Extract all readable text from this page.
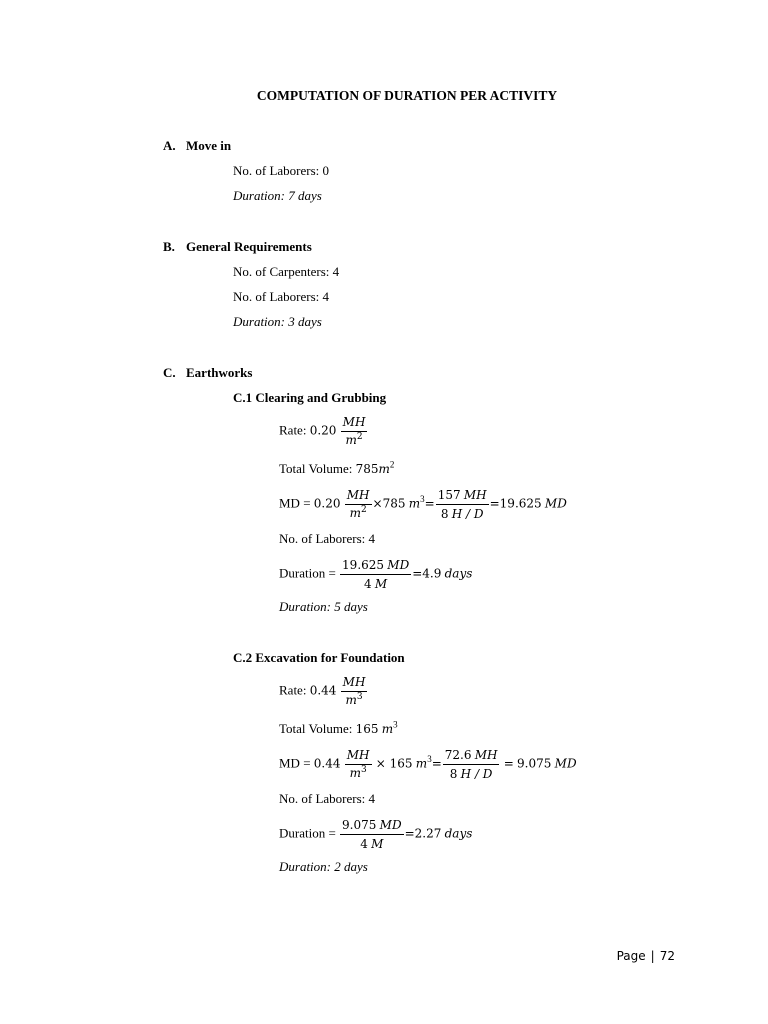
COMPUTATION OF DURATION PER ACTIVITY
A. Move in
No. of Laborers: 0
Duration: 7 days
B. General Requirements
No. of Carpenters: 4
No. of Laborers: 4
Duration: 3 days
C. Earthworks
C.1 Clearing and Grubbing
Rate: $0.20 \frac{MH}{m^2}$
Total Volume: $785m^2$
MD = $0.20 \frac{MH}{m^2} \times 785$ $m^3= \frac{157 MH}{8 H / D} =19.625$ MD
No. of Laborers: 4
Duration = $\frac{19.625 MD}{4 M} =4.9$ days
Duration: 5 days
C.2 Excavation for Foundation
Rate: $0.44 \frac{MH}{m^3}$
Total Volume: 165 $m^3$
MD = $0.44 \frac{MH}{m^3} \times 165$ $m^3= \frac{72.6 MH}{8 H / D} = 9.075$ MD
No. of Laborers: 4
Duration = $\frac{9.075 MD}{4 M} =2.27$ days
Duration: 2 days
Page | 72
